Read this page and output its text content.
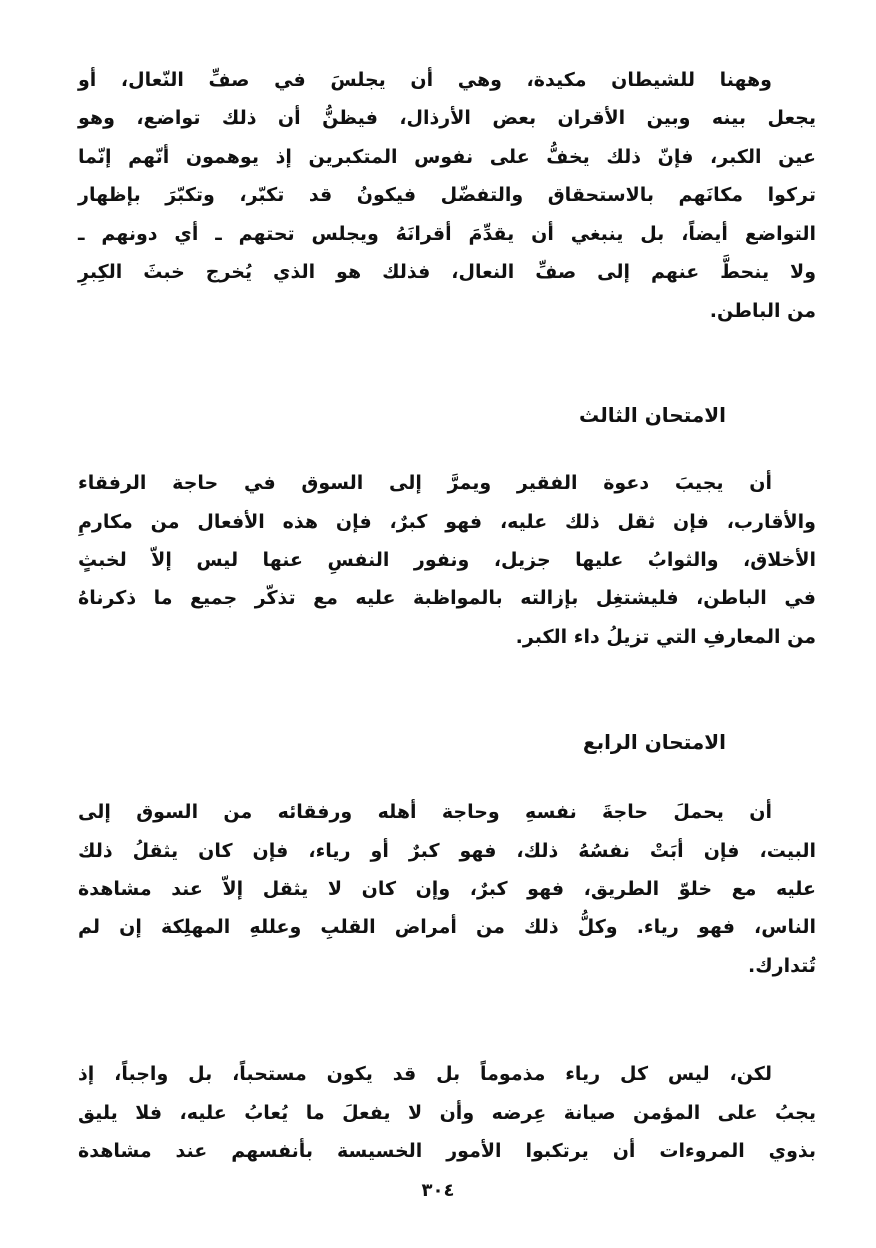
وههنا للشيطان مكيدة، وهي أن يجلسَ في صفِّ النّعال، أو
يجعل بينه وبين الأقران بعض الأرذال، فيظنُّ أن ذلك تواضع، وهو
عين الكبر، فإنّ ذلك يخفُّ على نفوس المتكبرين إذ يوهمون أنّهم إنّما
تركوا مكانَهم بالاستحقاق والتفضّل فيكونُ قد تكبّر، وتكبّرَ بإظهار
التواضع أيضاً، بل ينبغي أن يقدِّمَ أقرانَهُ ويجلس تحتهم ـ أي دونهم ـ
ولا ينحطَّ عنهم إلى صفِّ النعال، فذلك هو الذي يُخرج خبثَ الكِبرِ
من الباطن.
الامتحان الثالث
أن يجيبَ دعوة الفقير ويمرَّ إلى السوق في حاجة الرفقاء
والأقارب، فإن ثقل ذلك عليه، فهو كبرٌ، فإن هذه الأفعال من مكارمِ
الأخلاق، والثوابُ عليها جزيل، ونفور النفسِ عنها ليس إلاّ لخبثٍ
في الباطن، فليشتغِل بإزالته بالمواظبة عليه مع تذكّر جميع ما ذكرناهُ
من المعارفِ التي تزيلُ داء الكبر.
الامتحان الرابع
أن يحملَ حاجةَ نفسهِ وحاجة أهله ورفقائه من السوق إلى
البيت، فإن أبَتْ نفسُهُ ذلك، فهو كبرٌ أو رياء، فإن كان يثقلُ ذلك
عليه مع خلوّ الطريق، فهو كبرٌ، وإن كان لا يثقل إلاّ عند مشاهدة
الناس، فهو رياء. وكلُّ ذلك من أمراض القلبِ وعللهِ المهلِكة إن لم
تُتدارك.
لكن، ليس كل رياء مذموماً بل قد يكون مستحباً، بل واجباً، إذ
يجبُ على المؤمن صيانة عِرضه وأن لا يفعلَ ما يُعابُ عليه، فلا يليق
بذوي المروءات أن يرتكبوا الأمور الخسيسة بأنفسهم عند مشاهدة
٣٠٤
